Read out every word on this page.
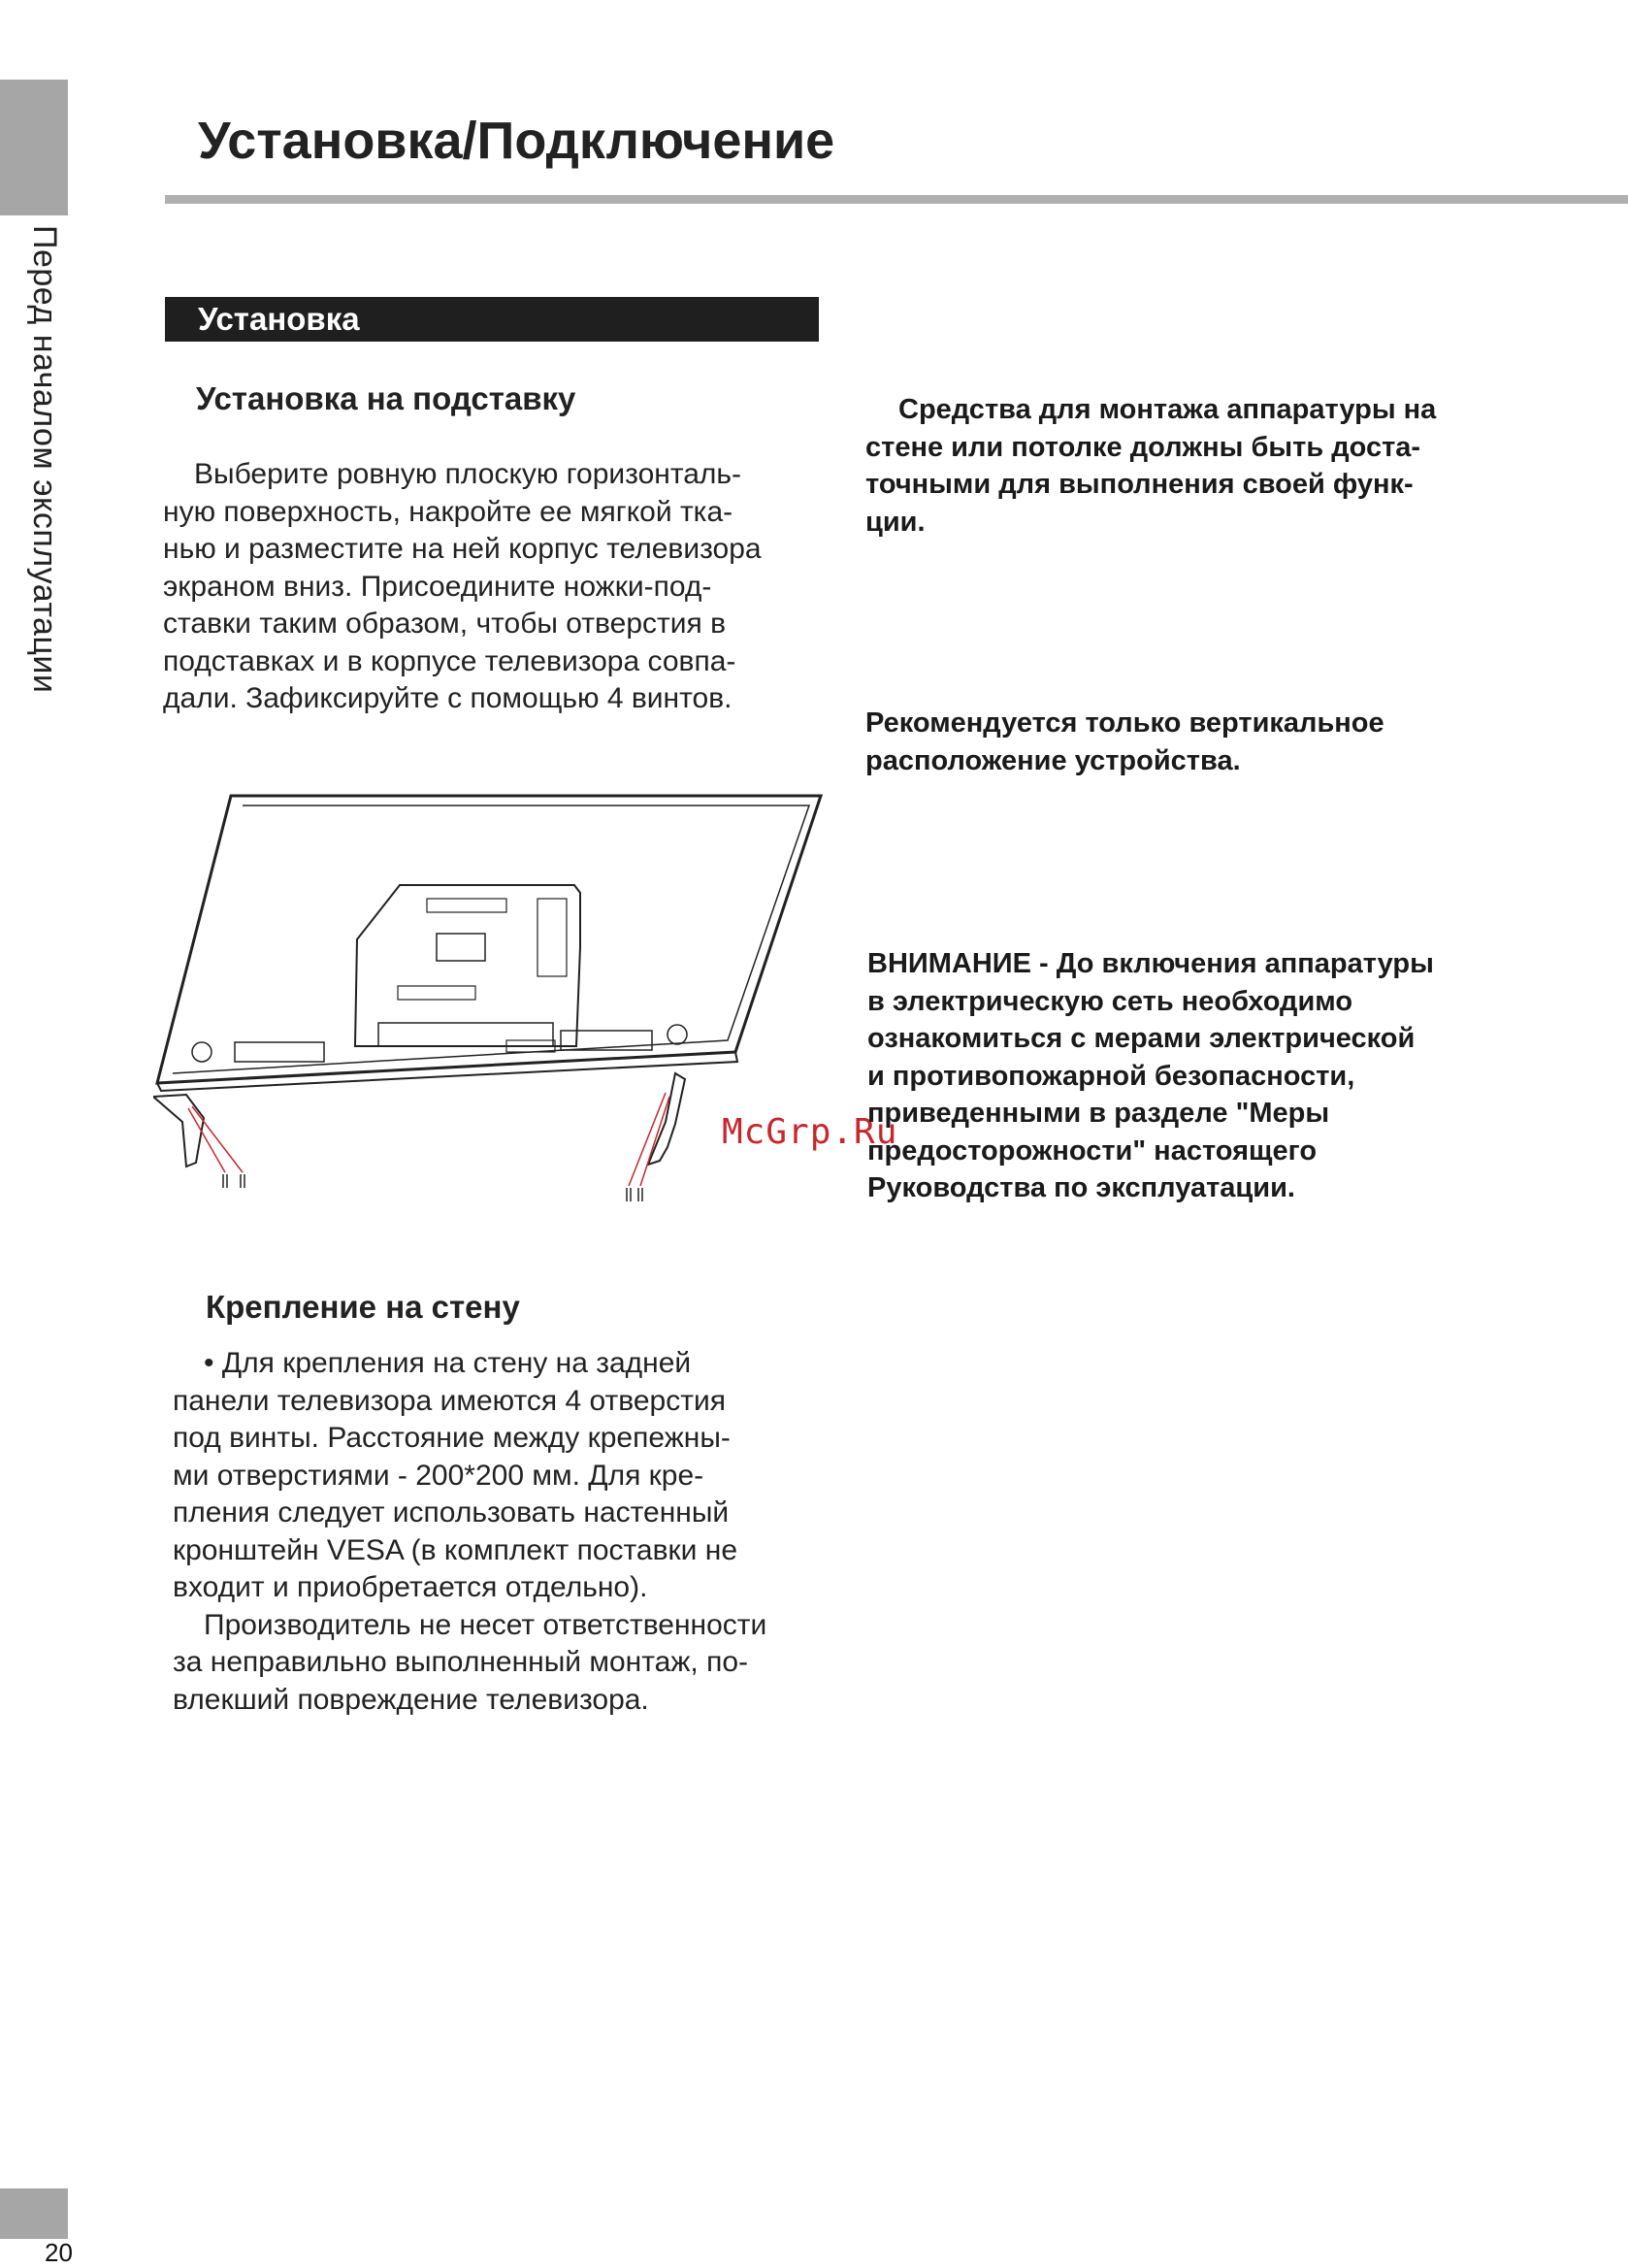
Перед началом эксплуатации
Установка/Подключение
Установка
Установка на подставку
Выберите ровную плоскую горизонталь-
ную поверхность, накройте ее мягкой тка-
нью и разместите на ней корпус телевизора
экраном вниз. Присоедините ножки-под-
ставки таким образом, чтобы отверстия в
подставках и в корпусе телевизора совпа-
дали. Зафиксируйте с помощью 4 винтов.
McGrp.Ru
Крепление на стену
• Для крепления на стену на задней
панели телевизора имеются 4 отверстия
под винты. Расстояние между крепежны-
ми отверстиями - 200*200 мм. Для кре-
пления следует использовать настенный
кронштейн VESA (в комплект поставки не
входит и приобретается отдельно).
Производитель не несет ответственности
за неправильно выполненный монтаж, по-
влекший повреждение телевизора.
Средства для монтажа аппаратуры на
стене или потолке должны быть доста-
точными для выполнения своей функ-
ции.
Рекомендуется только вертикальное
расположение устройства.
ВНИМАНИЕ - До включения аппаратуры
в электрическую сеть необходимо
ознакомиться с мерами электрической
и противопожарной безопасности,
приведенными в разделе "Меры
предосторожности" настоящего
Руководства по эксплуатации.
20
